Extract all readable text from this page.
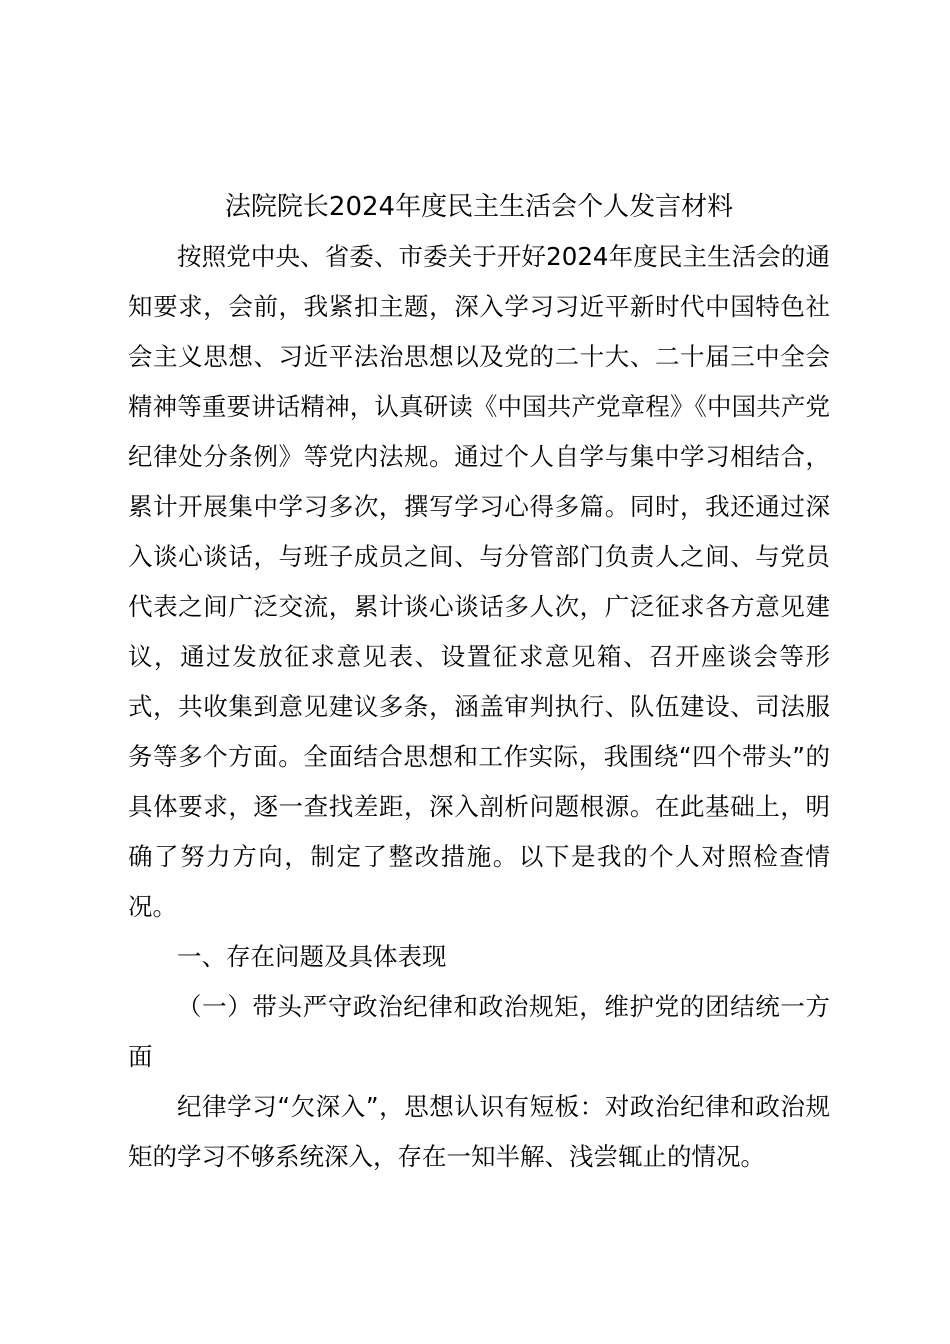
法院院长2024年度民主生活会个人发言材料

按照党中央、省委、市委关于开好2024年度民主生活会的通知要求，会前，我紧扣主题，深入学习习近平新时代中国特色社会主义思想、习近平法治思想以及党的二十大、二十届三中全会精神等重要讲话精神，认真研读《中国共产党章程》《中国共产党纪律处分条例》等党内法规。通过个人自学与集中学习相结合，累计开展集中学习多次，撰写学习心得多篇。同时，我还通过深入谈心谈话，与班子成员之间、与分管部门负责人之间、与党员代表之间广泛交流，累计谈心谈话多人次，广泛征求各方意见建议，通过发放征求意见表、设置征求意见箱、召开座谈会等形式，共收集到意见建议多条，涵盖审判执行、队伍建设、司法服务等多个方面。全面结合思想和工作实际，我围绕“四个带头”的具体要求，逐一查找差距，深入剖析问题根源。在此基础上，明确了努力方向，制定了整改措施。以下是我的个人对照检查情况。

一、存在问题及具体表现

（一）带头严守政治纪律和政治规矩，维护党的团结统一方面

纪律学习“欠深入”，思想认识有短板：对政治纪律和政治规矩的学习不够系统深入，存在一知半解、浅尝辄止的情况。
